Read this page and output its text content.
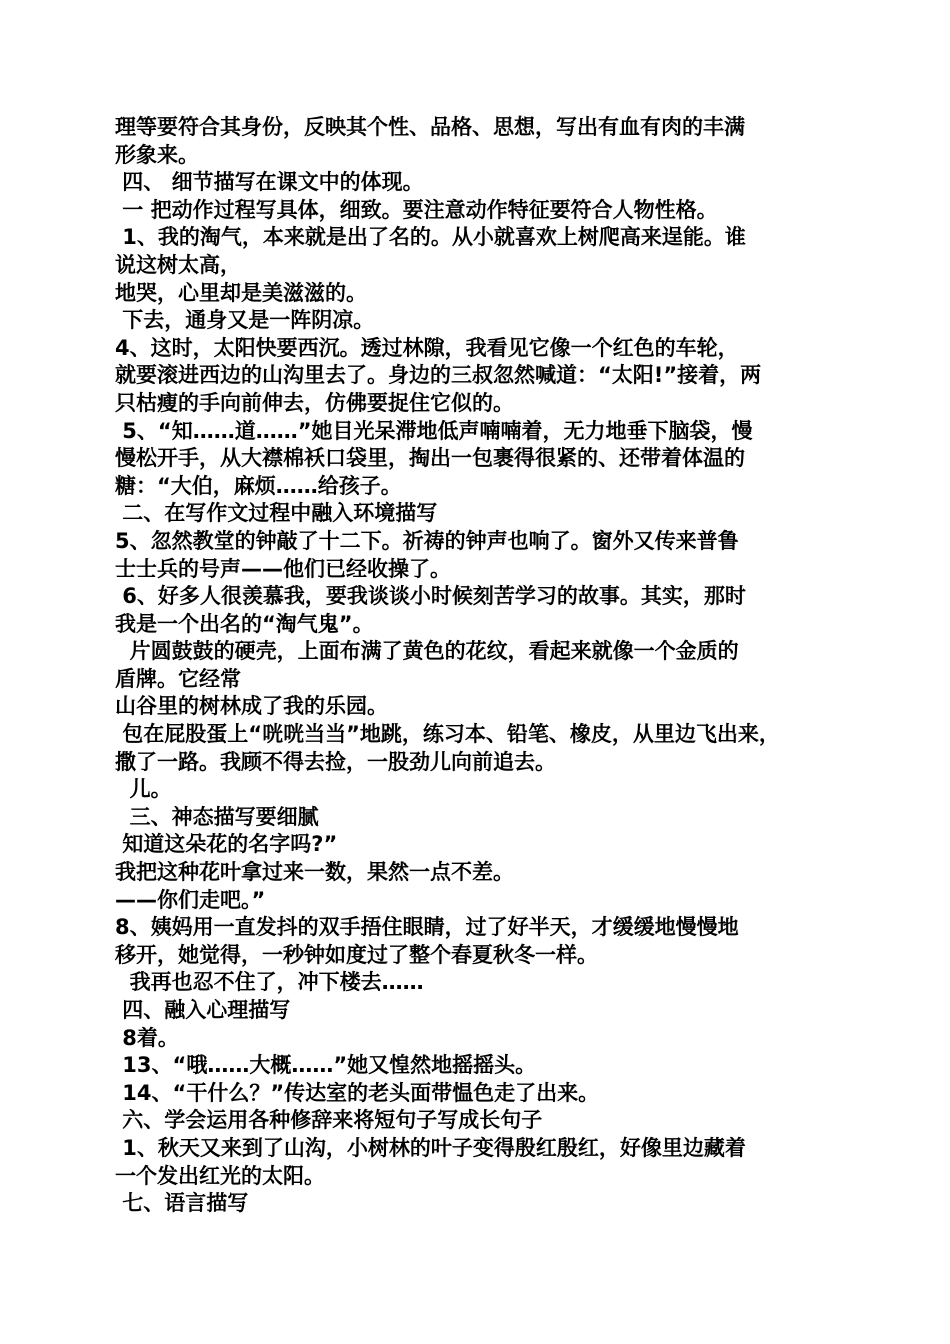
理等要符合其身份，反映其个性、品格、思想，写出有血有肉的丰满
形象来。
四、 细节描写在课文中的体现。
一 把动作过程写具体，细致。要注意动作特征要符合人物性格。
1、我的淘气，本来就是出了名的。从小就喜欢上树爬高来逞能。谁
说这树太高，
地哭，心里却是美滋滋的。
下去，通身又是一阵阴凉。
4、这时，太阳快要西沉。透过林隙，我看见它像一个红色的车轮，
就要滚进西边的山沟里去了。身边的三叔忽然喊道：“太阳!”接着，两
只枯瘦的手向前伸去，仿佛要捉住它似的。
5、“知……道……”她目光呆滞地低声喃喃着，无力地垂下脑袋，慢
慢松开手，从大襟棉袄口袋里，掏出一包裹得很紧的、还带着体温的
糖：“大伯，麻烦……给孩子。
二、在写作文过程中融入环境描写
5、忽然教堂的钟敲了十二下。祈祷的钟声也响了。窗外又传来普鲁
士士兵的号声——他们已经收操了。
6、好多人很羡慕我，要我谈谈小时候刻苦学习的故事。其实，那时
我是一个出名的“淘气鬼”。
片圆鼓鼓的硬壳，上面布满了黄色的花纹，看起来就像一个金质的
盾牌。它经常
山谷里的树林成了我的乐园。
包在屁股蛋上“咣咣当当”地跳，练习本、铅笔、橡皮，从里边飞出来，
撒了一路。我顾不得去捡，一股劲儿向前追去。
儿。
三、神态描写要细腻
知道这朵花的名字吗?”
我把这种花叶拿过来一数，果然一点不差。
——你们走吧。”
8、姨妈用一直发抖的双手捂住眼睛，过了好半天，才缓缓地慢慢地
移开，她觉得，一秒钟如度过了整个春夏秋冬一样。
我再也忍不住了，冲下楼去……
四、融入心理描写
8着。
13、“哦……大概……”她又惶然地摇摇头。
14、“干什么？”传达室的老头面带愠色走了出来。
六、学会运用各种修辞来将短句子写成长句子
1、秋天又来到了山沟，小树林的叶子变得殷红殷红，好像里边藏着
一个发出红光的太阳。
七、语言描写
